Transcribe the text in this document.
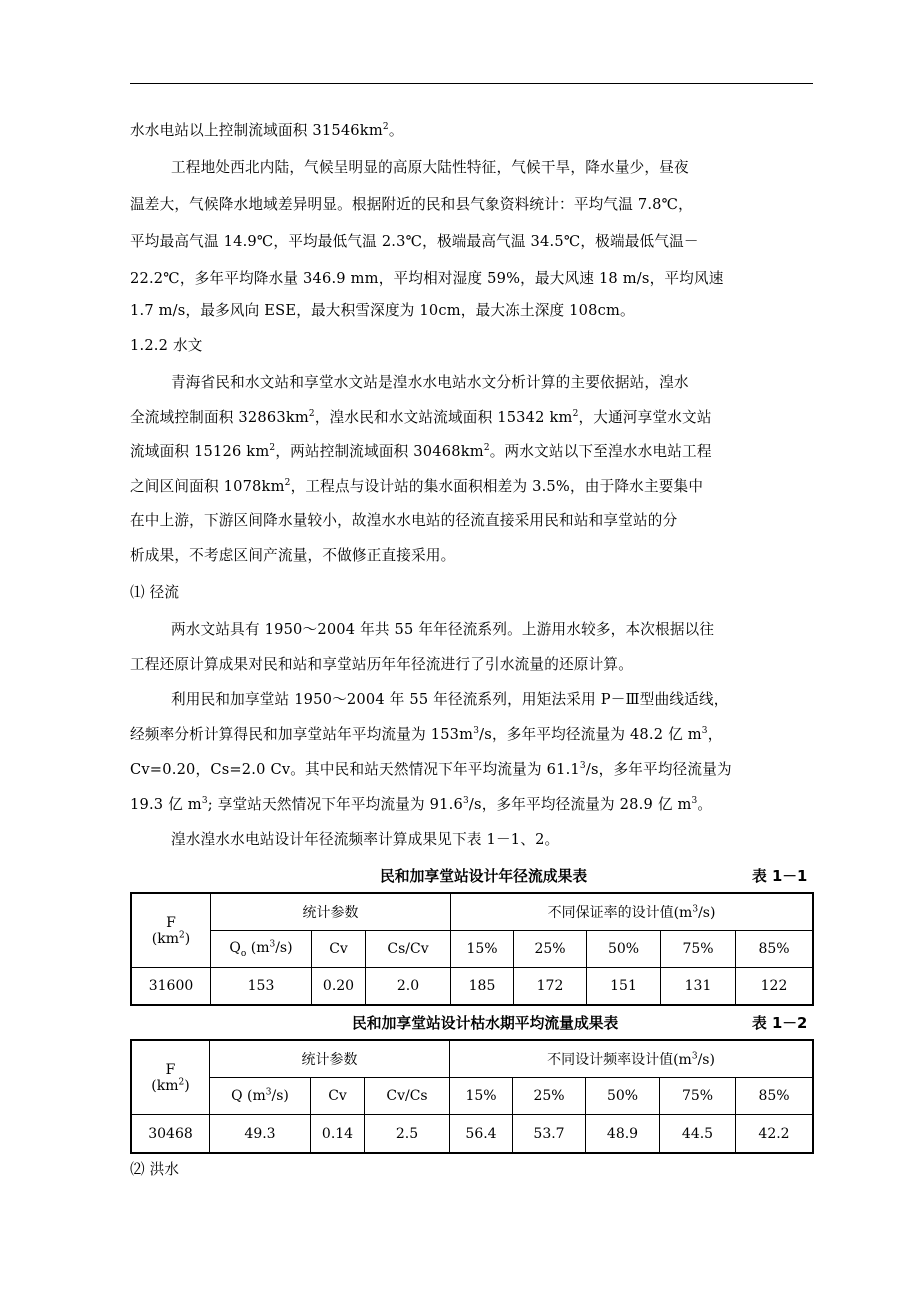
水水电站以上控制流域面积 $31546km^2$。
工程地处西北内陆，气候呈明显的高原大陆性特征，气候干旱，降水量少，昼夜
温差大，气候降水地域差异明显。根据附近的民和县气象资料统计：平均气温 7.8℃，
平均最高气温 14.9℃，平均最低气温 2.3℃，极端最高气温 34.5℃，极端最低气温－
22.2℃，多年平均降水量 346.9 mm，平均相对湿度 59%，最大风速 18 m/s，平均风速
1.7 m/s，最多风向 ESE，最大积雪深度为 10cm，最大冻土深度 108cm。
1.2.2 水文
青海省民和水文站和享堂水文站是湟水水电站水文分析计算的主要依据站，湟水
全流域控制面积 $32863km^2$，湟水民和水文站流域面积 15342 $km^2$，大通河享堂水文站
流域面积 15126 $km^2$，两站控制流域面积 $30468km^2$。两水文站以下至湟水水电站工程
之间区间面积 $1078km^2$，工程点与设计站的集水面积相差为 3.5%，由于降水主要集中
在中上游，下游区间降水量较小，故湟水水电站的径流直接采用民和站和享堂站的分
析成果，不考虑区间产流量，不做修正直接采用。
⑴ 径流
两水文站具有 1950～2004 年共 55 年年径流系列。上游用水较多，本次根据以往
工程还原计算成果对民和站和享堂站历年年径流进行了引水流量的还原计算。
利用民和加享堂站 1950～2004 年 55 年径流系列，用矩法采用 P－Ⅲ型曲线适线，
经频率分析计算得民和加享堂站年平均流量为 $153m^3/s$，多年平均径流量为 48.2 亿 $m^3$，
Cv=0.20，Cs=2.0 Cv。其中民和站天然情况下年平均流量为 61.1$^3$/s，多年平均径流量为
19.3 亿 $m^3$; 享堂站天然情况下年平均流量为 91.6$^3$/s，多年平均径流量为 28.9 亿 $m^3$。
湟水湟水水电站设计年径流频率计算成果见下表 1－1、2。
民和加享堂站设计年径流成果表	表 1－1
F
$(km^2)$	统计参数			不同保证率的设计值$(m^3/s)$				
	$Q_o$ $(m^3/s)$	Cv	Cs/Cv	15%	25%	50%	75%	85%
31600	153	0.20	2.0	185	172	151	131	122
民和加享堂站设计枯水期平均流量成果表	表 1－2
F
$(km^2)$	统计参数			不同设计频率设计值$(m^3/s)$				
	Q $(m^3/s)$	Cv	Cv/Cs	15%	25%	50%	75%	85%
30468	49.3	0.14	2.5	56.4	53.7	48.9	44.5	42.2
⑵ 洪水
